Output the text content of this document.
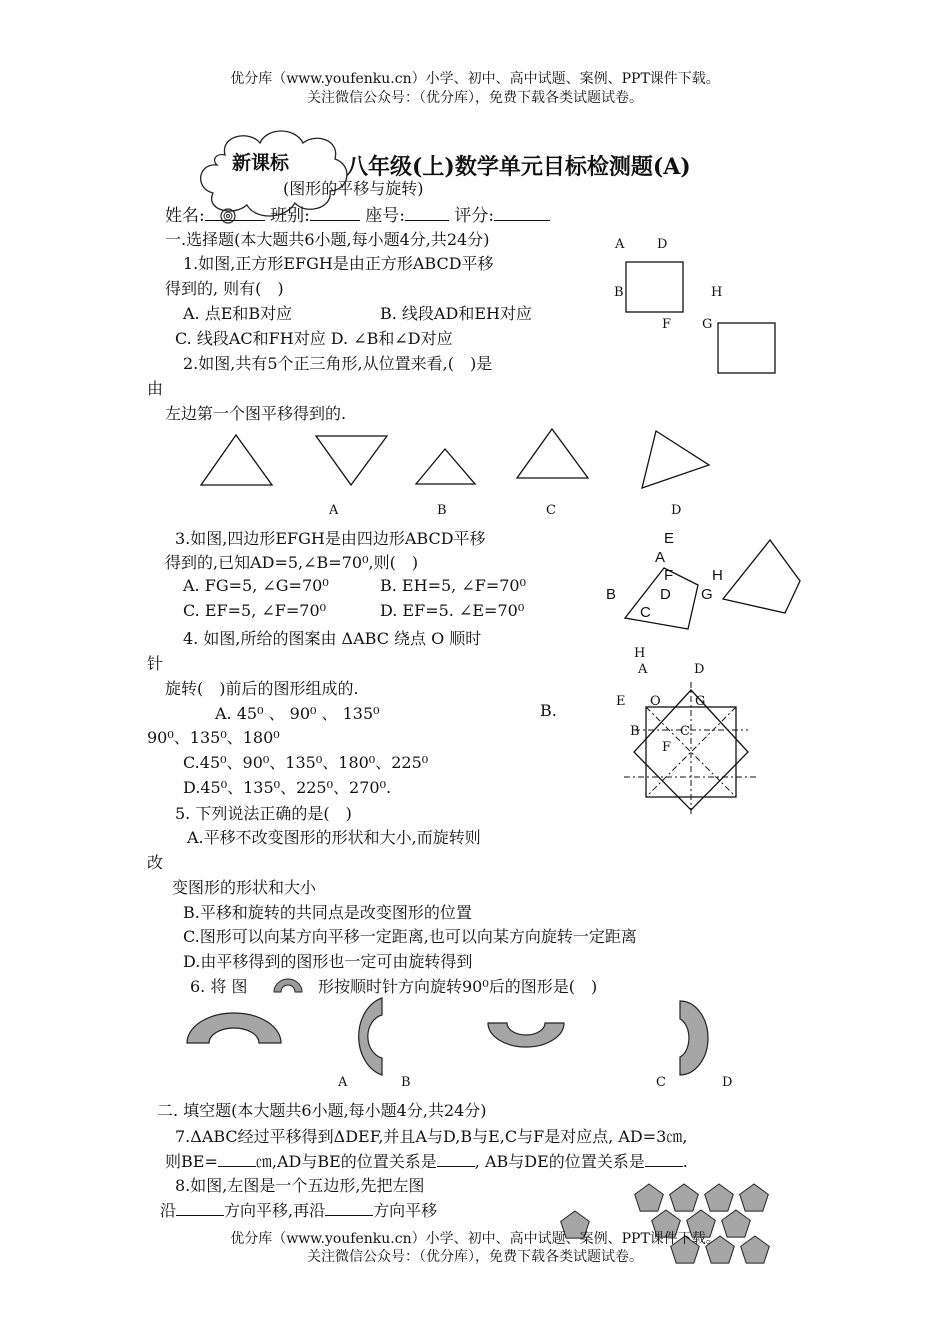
优分库（www.youfenku.cn）小学、初中、高中试题、案例、PPT课件下载。
关注微信公众号：（优分库），免费下载各类试题试卷。
新课标	八年级(上)数学单元目标检测题(A)
(图形的平移与旋转)
姓名:	班别:	座号:	评分:
一.选择题(本大题共6小题,每小题4分,共24分)
1.如图,正方形EFGH是由正方形ABCD平移
得到的, 则有(　)
A. 点E和B对应	B. 线段AD和EH对应
C. 线段AC和FH对应 D. ∠B和∠D对应
A	D
B	H
F G
2.如图,共有5个正三角形,从位置来看,(　)是
由
左边第一个图平移得到的.
A	B	C	D
3.如图,四边形EFGH是由四边形ABCD平移
得到的,已知AD=5,∠B=70⁰,则(　)
A. FG=5, ∠G=70⁰	B. EH=5, ∠F=70⁰
C. EF=5, ∠F=70⁰	D. EF=5. ∠E=70⁰
E
A
F	H
B	D G
C
4. 如图,所给的图案由 ΔABC 绕点 O 顺时
针
旋转(　)前后的图形组成的.
A. 45⁰ 、 90⁰ 、 135⁰	B.
90⁰、135⁰、180⁰
C.45⁰、90⁰、135⁰、180⁰、225⁰
D.45⁰、135⁰、225⁰、270⁰.
H
A	D
E O	G
B	C
F
5. 下列说法正确的是(　)
A.平移不改变图形的形状和大小,而旋转则
改
变图形的形状和大小
B.平移和旋转的共同点是改变图形的位置
C.图形可以向某方向平移一定距离,也可以向某方向旋转一定距离
D.由平移得到的图形也一定可由旋转得到
6. 将 图	形按顺时针方向旋转90⁰后的图形是(　)
A	B	C	D
二. 填空题(本大题共6小题,每小题4分,共24分)
7.ΔABC经过平移得到ΔDEF,并且A与D,B与E,C与F是对应点, AD=3㎝,
则BE= ㎝,AD与BE的位置关系是 , AB与DE的位置关系是 .
8.如图,左图是一个五边形,先把左图
沿	方向平移,再沿	方向平移
优分库（www.youfenku.cn）小学、初中、高中试题、案例、PPT课件下载。
关注微信公众号：（优分库），免费下载各类试题试卷。
